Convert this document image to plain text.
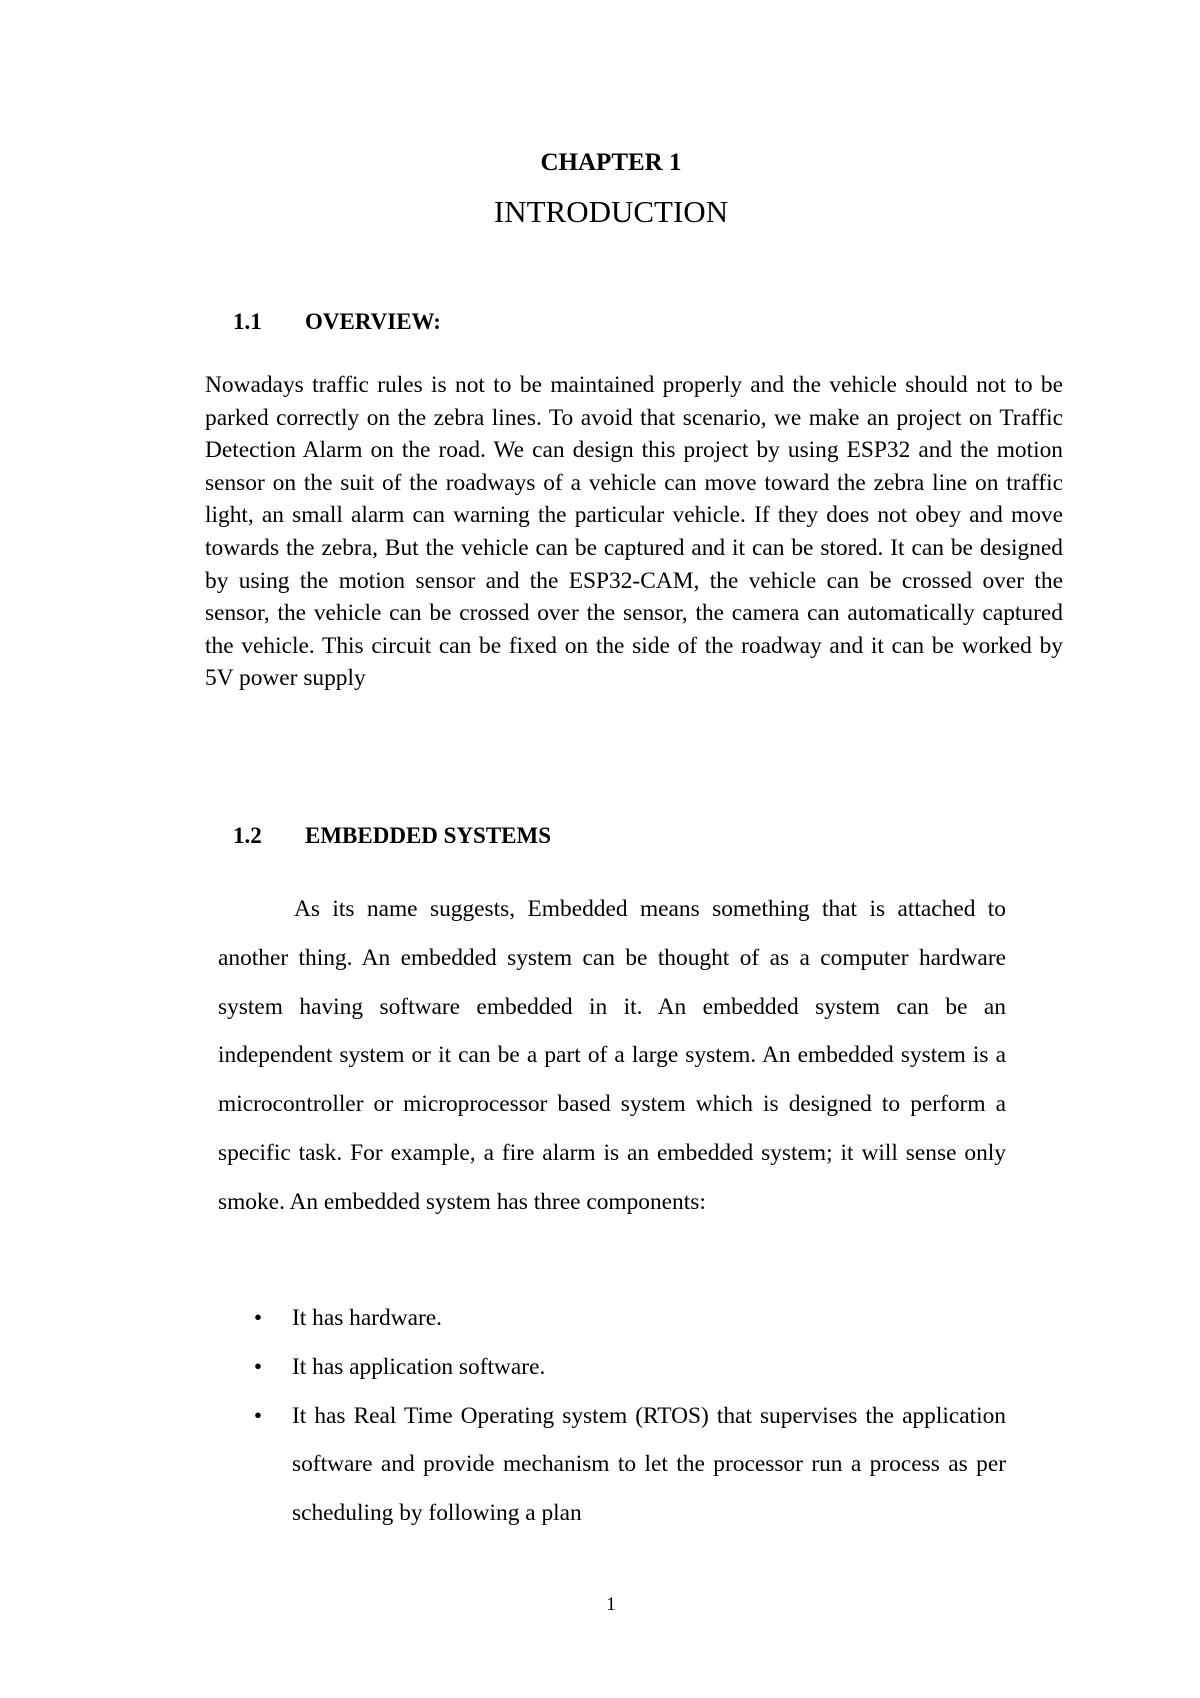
CHAPTER 1
INTRODUCTION
1.1 OVERVIEW:

Nowadays traffic rules is not to be maintained properly and the vehicle should not to be parked correctly on the zebra lines. To avoid that scenario, we make an project on Traffic Detection Alarm on the road. We can design this project by using ESP32 and the motion sensor on the suit of the roadways of a vehicle can move toward the zebra line on traffic light, an small alarm can warning the particular vehicle. If they does not obey and move towards the zebra, But the vehicle can be captured and it can be stored. It can be designed by using the motion sensor and the ESP32-CAM, the vehicle can be crossed over the sensor, the vehicle can be crossed over the sensor, the camera can automatically captured the vehicle. This circuit can be fixed on the side of the roadway and it can be worked by 5V power supply

1.2 EMBEDDED SYSTEMS

As its name suggests, Embedded means something that is attached to another thing. An embedded system can be thought of as a computer hardware system having software embedded in it. An embedded system can be an independent system or it can be a part of a large system. An embedded system is a microcontroller or microprocessor based system which is designed to perform a specific task. For example, a fire alarm is an embedded system; it will sense only smoke. An embedded system has three components:

• It has hardware.
• It has application software.
• It has Real Time Operating system (RTOS) that supervises the application software and provide mechanism to let the processor run a process as per scheduling by following a plan
1
